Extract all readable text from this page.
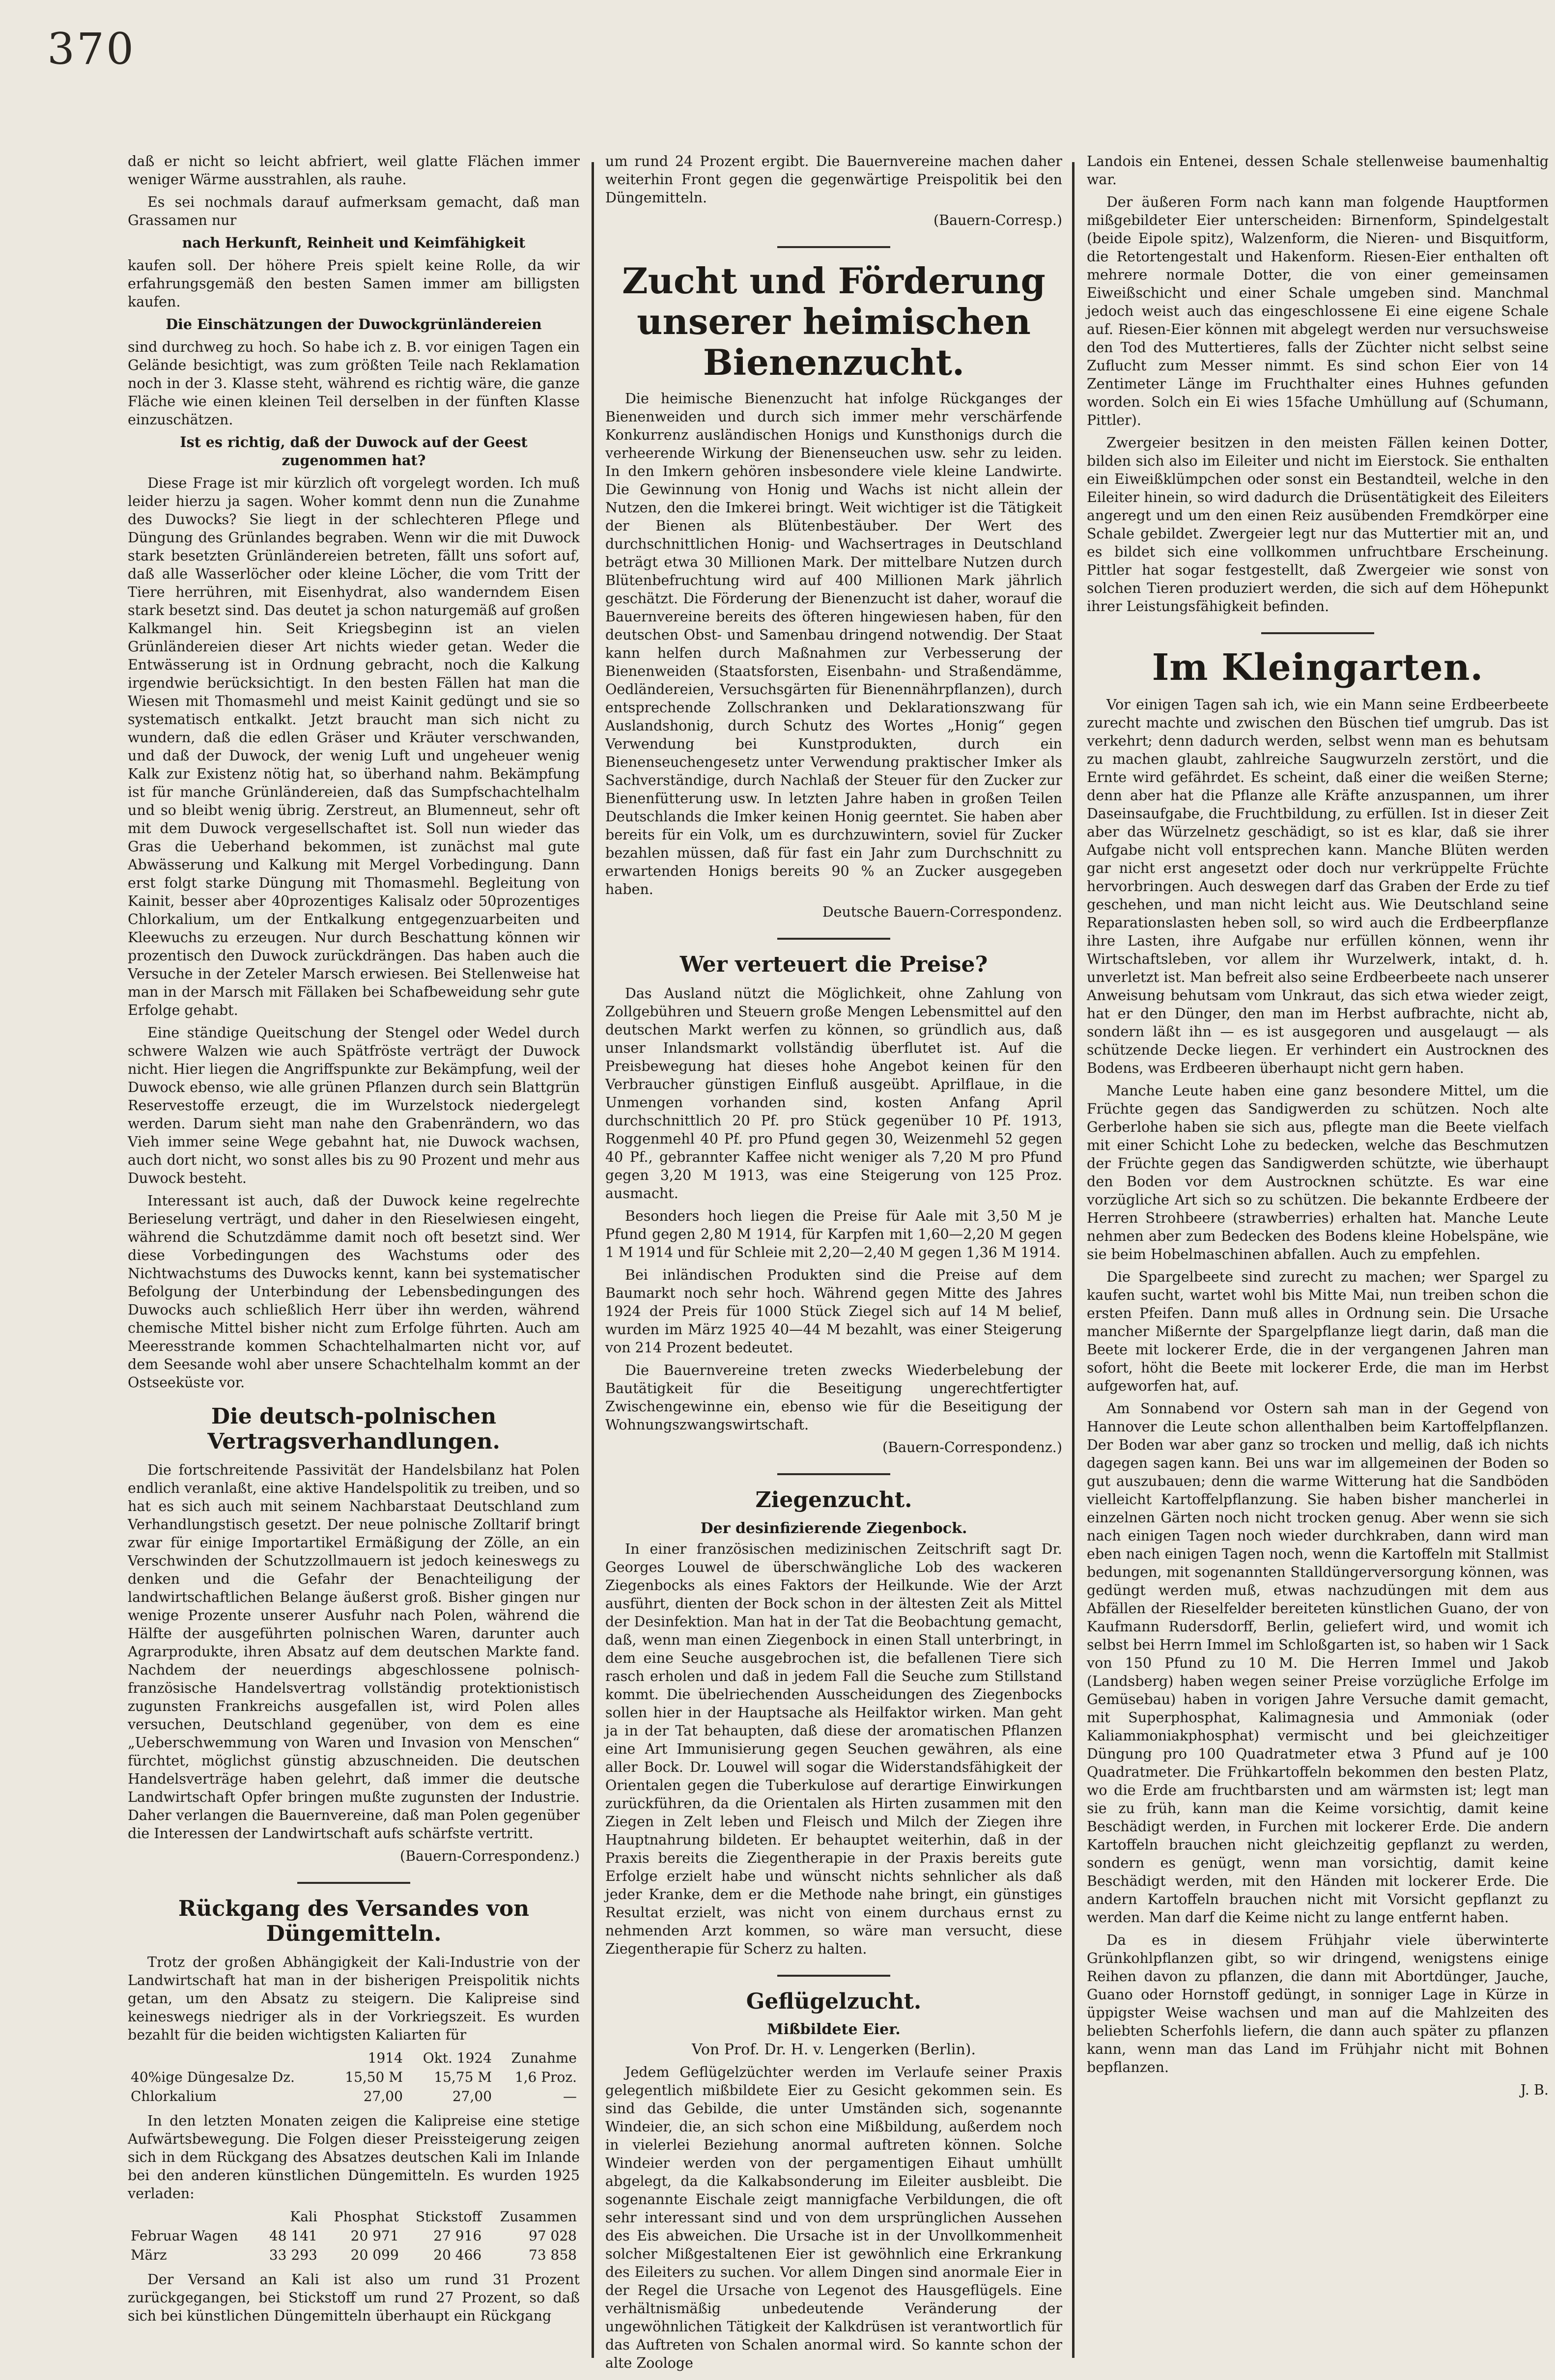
370

daß er nicht so leicht abfriert, weil glatte Flächen immer weniger Wärme ausstrahlen, als rauhe.

Es sei nochmals darauf aufmerksam gemacht, daß man Grassamen nur

nach Herkunft, Reinheit und Keimfähigkeit

kaufen soll. Der höhere Preis spielt keine Rolle, da wir erfahrungsgemäß den besten Samen immer am billigsten kaufen.

Die Einschätzungen der Duwockgrünländereien

sind durchweg zu hoch. So habe ich z. B. vor einigen Tagen ein Gelände besichtigt, was zum größten Teile nach Reklamation noch in der 3. Klasse steht, während es richtig wäre, die ganze Fläche wie einen kleinen Teil derselben in der fünften Klasse einzuschätzen.

Ist es richtig, daß der Duwock auf der Geest zugenommen hat?

Diese Frage ist mir kürzlich oft vorgelegt worden. Ich muß leider hierzu ja sagen. Woher kommt denn nun die Zunahme des Duwocks? Sie liegt in der schlechteren Pflege und Düngung des Grünlandes begraben. Wenn wir die mit Duwock stark besetzten Grünländereien betreten, fällt uns sofort auf, daß alle Wasserlöcher oder kleine Löcher, die vom Tritt der Tiere herrühren, mit Eisenhydrat, also wanderndem Eisen stark besetzt sind. Das deutet ja schon naturgemäß auf großen Kalkmangel hin. Seit Kriegsbeginn ist an vielen Grünländereien dieser Art nichts wieder getan. Weder die Entwässerung ist in Ordnung gebracht, noch die Kalkung irgendwie berücksichtigt. In den besten Fällen hat man die Wiesen mit Thomasmehl und meist Kainit gedüngt und sie so systematisch entkalkt. Jetzt braucht man sich nicht zu wundern, daß die edlen Gräser und Kräuter verschwanden, und daß der Duwock, der wenig Luft und ungeheuer wenig Kalk zur Existenz nötig hat, so überhand nahm. Bekämpfung ist für manche Grünländereien, daß das Sumpfschachtelhalm und so bleibt wenig übrig. Zerstreut, an Blumenneut, sehr oft mit dem Duwock vergesellschaftet ist. Soll nun wieder das Gras die Ueberhand bekommen, ist zunächst mal gute Abwässerung und Kalkung mit Mergel Vorbedingung. Dann erst folgt starke Düngung mit Thomasmehl. Begleitung von Kainit, besser aber 40prozentiges Kalisalz oder 50prozentiges Chlorkalium, um der Entkalkung entgegenzuarbeiten und Kleewuchs zu erzeugen. Nur durch Beschattung können wir prozentisch den Duwock zurückdrängen. Das haben auch die Versuche in der Zeteler Marsch erwiesen. Bei Stellenweise hat man in der Marsch mit Fällaken bei Schafbeweidung sehr gute Erfolge gehabt.

Eine ständige Queitschung der Stengel oder Wedel durch schwere Walzen wie auch Spätfröste verträgt der Duwock nicht. Hier liegen die Angriffspunkte zur Bekämpfung, weil der Duwock ebenso, wie alle grünen Pflanzen durch sein Blattgrün Reservestoffe erzeugt, die im Wurzelstock niedergelegt werden. Darum sieht man nahe den Grabenrändern, wo das Vieh immer seine Wege gebahnt hat, nie Duwock wachsen, auch dort nicht, wo sonst alles bis zu 90 Prozent und mehr aus Duwock besteht.

Interessant ist auch, daß der Duwock keine regelrechte Berieselung verträgt, und daher in den Rieselwiesen eingeht, während die Schutzdämme damit noch oft besetzt sind. Wer diese Vorbedingungen des Wachstums oder des Nichtwachstums des Duwocks kennt, kann bei systematischer Befolgung der Unterbindung der Lebensbedingungen des Duwocks auch schließlich Herr über ihn werden, während chemische Mittel bisher nicht zum Erfolge führten. Auch am Meeresstrande kommen Schachtelhalmarten nicht vor, auf dem Seesande wohl aber unsere Schachtelhalm kommt an der Ostseeküste vor.

Die deutsch-polnischen Vertragsverhandlungen.

Die fortschreitende Passivität der Handelsbilanz hat Polen endlich veranlaßt, eine aktive Handelspolitik zu treiben, und so hat es sich auch mit seinem Nachbarstaat Deutschland zum Verhandlungstisch gesetzt. Der neue polnische Zolltarif bringt zwar für einige Importartikel Ermäßigung der Zölle, an ein Verschwinden der Schutzzollmauern ist jedoch keineswegs zu denken und die Gefahr der Benachteiligung der landwirtschaftlichen Belange äußerst groß. Bisher gingen nur wenige Prozente unserer Ausfuhr nach Polen, während die Hälfte der ausgeführten polnischen Waren, darunter auch Agrarprodukte, ihren Absatz auf dem deutschen Markte fand. Nachdem der neuerdings abgeschlossene polnisch-französische Handelsvertrag vollständig protektionistisch zugunsten Frankreichs ausgefallen ist, wird Polen alles versuchen, Deutschland gegenüber, von dem es eine „Ueberschwemmung von Waren und Invasion von Menschen“ fürchtet, möglichst günstig abzuschneiden. Die deutschen Handelsverträge haben gelehrt, daß immer die deutsche Landwirtschaft Opfer bringen mußte zugunsten der Industrie. Daher verlangen die Bauernvereine, daß man Polen gegenüber die Interessen der Landwirtschaft aufs schärfste vertritt.

(Bauern-Correspondenz.)

Rückgang des Versandes von Düngemitteln.

Trotz der großen Abhängigkeit der Kali-Industrie von der Landwirtschaft hat man in der bisherigen Preispolitik nichts getan, um den Absatz zu steigern. Die Kalipreise sind keineswegs niedriger als in der Vorkriegszeit. Es wurden bezahlt für die beiden wichtigsten Kaliarten für

	1914	Okt. 1924	Zunahme
40%ige Düngesalze Dz.	15,50 M	15,75 M	1,6 Proz.
Chlorkalium	27,00	27,00	—

In den letzten Monaten zeigen die Kalipreise eine stetige Aufwärtsbewegung. Die Folgen dieser Preissteigerung zeigen sich in dem Rückgang des Absatzes deutschen Kali im Inlande bei den anderen künstlichen Düngemitteln. Es wurden 1925 verladen:

	Kali	Phosphat	Stickstoff	Zusammen
Februar Wagen	48 141	20 971	27 916	97 028
März	33 293	20 099	20 466	73 858

Der Versand an Kali ist also um rund 31 Prozent zurückgegangen, bei Stickstoff um rund 27 Prozent, so daß sich bei künstlichen Düngemitteln überhaupt ein Rückgang

um rund 24 Prozent ergibt. Die Bauernvereine machen daher weiterhin Front gegen die gegenwärtige Preispolitik bei den Düngemitteln.

(Bauern-Corresp.)

Zucht und Förderung unserer heimischen Bienenzucht.

Die heimische Bienenzucht hat infolge Rückganges der Bienenweiden und durch sich immer mehr verschärfende Konkurrenz ausländischen Honigs und Kunsthonigs durch die verheerende Wirkung der Bienenseuchen usw. sehr zu leiden. In den Imkern gehören insbesondere viele kleine Landwirte. Die Gewinnung von Honig und Wachs ist nicht allein der Nutzen, den die Imkerei bringt. Weit wichtiger ist die Tätigkeit der Bienen als Blütenbestäuber. Der Wert des durchschnittlichen Honig- und Wachsertrages in Deutschland beträgt etwa 30 Millionen Mark. Der mittelbare Nutzen durch Blütenbefruchtung wird auf 400 Millionen Mark jährlich geschätzt. Die Förderung der Bienenzucht ist daher, worauf die Bauernvereine bereits des öfteren hingewiesen haben, für den deutschen Obst- und Samenbau dringend notwendig. Der Staat kann helfen durch Maßnahmen zur Verbesserung der Bienenweiden (Staatsforsten, Eisenbahn- und Straßendämme, Oedländereien, Versuchsgärten für Bienennährpflanzen), durch entsprechende Zollschranken und Deklarationszwang für Auslandshonig, durch Schutz des Wortes „Honig“ gegen Verwendung bei Kunstprodukten, durch ein Bienenseuchengesetz unter Verwendung praktischer Imker als Sachverständige, durch Nachlaß der Steuer für den Zucker zur Bienenfütterung usw. In letzten Jahre haben in großen Teilen Deutschlands die Imker keinen Honig geerntet. Sie haben aber bereits für ein Volk, um es durchzuwintern, soviel für Zucker bezahlen müssen, daß für fast ein Jahr zum Durchschnitt zu erwartenden Honigs bereits 90 % an Zucker ausgegeben haben.

Deutsche Bauern-Correspondenz.

Wer verteuert die Preise?

Das Ausland nützt die Möglichkeit, ohne Zahlung von Zollgebühren und Steuern große Mengen Lebensmittel auf den deutschen Markt werfen zu können, so gründlich aus, daß unser Inlandsmarkt vollständig überflutet ist. Auf die Preisbewegung hat dieses hohe Angebot keinen für den Verbraucher günstigen Einfluß ausgeübt. Aprilflaue, in die Unmengen vorhanden sind, kosten Anfang April durchschnittlich 20 Pf. pro Stück gegenüber 10 Pf. 1913, Roggenmehl 40 Pf. pro Pfund gegen 30, Weizenmehl 52 gegen 40 Pf., gebrannter Kaffee nicht weniger als 7,20 M pro Pfund gegen 3,20 M 1913, was eine Steigerung von 125 Proz. ausmacht.

Besonders hoch liegen die Preise für Aale mit 3,50 M je Pfund gegen 2,80 M 1914, für Karpfen mit 1,60—2,20 M gegen 1 M 1914 und für Schleie mit 2,20—2,40 M gegen 1,36 M 1914.

Bei inländischen Produkten sind die Preise auf dem Baumarkt noch sehr hoch. Während gegen Mitte des Jahres 1924 der Preis für 1000 Stück Ziegel sich auf 14 M belief, wurden im März 1925 40—44 M bezahlt, was einer Steigerung von 214 Prozent bedeutet.

Die Bauernvereine treten zwecks Wiederbelebung der Bautätigkeit für die Beseitigung ungerechtfertigter Zwischengewinne ein, ebenso wie für die Beseitigung der Wohnungszwangswirtschaft.

(Bauern-Correspondenz.)

Ziegenzucht.
Der desinfizierende Ziegenbock.

In einer französischen medizinischen Zeitschrift sagt Dr. Georges Louwel de überschwängliche Lob des wackeren Ziegenbocks als eines Faktors der Heilkunde. Wie der Arzt ausführt, dienten der Bock schon in der ältesten Zeit als Mittel der Desinfektion. Man hat in der Tat die Beobachtung gemacht, daß, wenn man einen Ziegenbock in einen Stall unterbringt, in dem eine Seuche ausgebrochen ist, die befallenen Tiere sich rasch erholen und daß in jedem Fall die Seuche zum Stillstand kommt. Die übelriechenden Ausscheidungen des Ziegenbocks sollen hier in der Hauptsache als Heilfaktor wirken. Man geht ja in der Tat behaupten, daß diese der aromatischen Pflanzen eine Art Immunisierung gegen Seuchen gewähren, als eine aller Bock. Dr. Louwel will sogar die Widerstandsfähigkeit der Orientalen gegen die Tuberkulose auf derartige Einwirkungen zurückführen, da die Orientalen als Hirten zusammen mit den Ziegen in Zelt leben und Fleisch und Milch der Ziegen ihre Hauptnahrung bildeten. Er behauptet weiterhin, daß in der Praxis bereits die Ziegentherapie in der Praxis bereits gute Erfolge erzielt habe und wünscht nichts sehnlicher als daß jeder Kranke, dem er die Methode nahe bringt, ein günstiges Resultat erzielt, was nicht von einem durchaus ernst zu nehmenden Arzt kommen, so wäre man versucht, diese Ziegentherapie für Scherz zu halten.

Geflügelzucht.
Mißbildete Eier.
Von Prof. Dr. H. v. Lengerken (Berlin).

Jedem Geflügelzüchter werden im Verlaufe seiner Praxis gelegentlich mißbildete Eier zu Gesicht gekommen sein. Es sind das Gebilde, die unter Umständen sich, sogenannte Windeier, die, an sich schon eine Mißbildung, außerdem noch in vielerlei Beziehung anormal auftreten können. Solche Windeier werden von der pergamentigen Eihaut umhüllt abgelegt, da die Kalkabsonderung im Eileiter ausbleibt. Die sogenannte Eischale zeigt mannigfache Verbildungen, die oft sehr interessant sind und von dem ursprünglichen Aussehen des Eis abweichen. Die Ursache ist in der Unvollkommenheit solcher Mißgestaltenen Eier ist gewöhnlich eine Erkrankung des Eileiters zu suchen. Vor allem Dingen sind anormale Eier in der Regel die Ursache von Legenot des Hausgeflügels. Eine verhältnismäßig unbedeutende Veränderung der ungewöhnlichen Tätigkeit der Kalkdrüsen ist verantwortlich für das Auftreten von Schalen anormal wird. So kannte schon der alte Zoologe

Landois ein Entenei, dessen Schale stellenweise baumenhaltig war.

Der äußeren Form nach kann man folgende Hauptformen mißgebildeter Eier unterscheiden: Birnenform, Spindelgestalt (beide Eipole spitz), Walzenform, die Nieren- und Bisquitform, die Retortengestalt und Hakenform. Riesen-Eier enthalten oft mehrere normale Dotter, die von einer gemeinsamen Eiweißschicht und einer Schale umgeben sind. Manchmal jedoch weist auch das eingeschlossene Ei eine eigene Schale auf. Riesen-Eier können mit abgelegt werden nur versuchsweise den Tod des Muttertieres, falls der Züchter nicht selbst seine Zuflucht zum Messer nimmt. Es sind schon Eier von 14 Zentimeter Länge im Fruchthalter eines Huhnes gefunden worden. Solch ein Ei wies 15fache Umhüllung auf (Schumann, Pittler).

Zwergeier besitzen in den meisten Fällen keinen Dotter, bilden sich also im Eileiter und nicht im Eierstock. Sie enthalten ein Eiweißklümpchen oder sonst ein Bestandteil, welche in den Eileiter hinein, so wird dadurch die Drüsentätigkeit des Eileiters angeregt und um den einen Reiz ausübenden Fremdkörper eine Schale gebildet. Zwergeier legt nur das Muttertier mit an, und es bildet sich eine vollkommen unfruchtbare Erscheinung. Pittler hat sogar festgestellt, daß Zwergeier wie sonst von solchen Tieren produziert werden, die sich auf dem Höhepunkt ihrer Leistungsfähigkeit befinden.

Im Kleingarten.

Vor einigen Tagen sah ich, wie ein Mann seine Erdbeerbeete zurecht machte und zwischen den Büschen tief umgrub. Das ist verkehrt; denn dadurch werden, selbst wenn man es behutsam zu machen glaubt, zahlreiche Saugwurzeln zerstört, und die Ernte wird gefährdet. Es scheint, daß einer die weißen Sterne; denn aber hat die Pflanze alle Kräfte anzuspannen, um ihrer Daseinsaufgabe, die Fruchtbildung, zu erfüllen. Ist in dieser Zeit aber das Würzelnetz geschädigt, so ist es klar, daß sie ihrer Aufgabe nicht voll entsprechen kann. Manche Blüten werden gar nicht erst angesetzt oder doch nur verkrüppelte Früchte hervorbringen. Auch deswegen darf das Graben der Erde zu tief geschehen, und man nicht leicht aus. Wie Deutschland seine Reparationslasten heben soll, so wird auch die Erdbeerpflanze ihre Lasten, ihre Aufgabe nur erfüllen können, wenn ihr Wirtschaftsleben, vor allem ihr Wurzelwerk, intakt, d. h. unverletzt ist. Man befreit also seine Erdbeerbeete nach unserer Anweisung behutsam vom Unkraut, das sich etwa wieder zeigt, hat er den Dünger, den man im Herbst aufbrachte, nicht ab, sondern läßt ihn — es ist ausgegoren und ausgelaugt — als schützende Decke liegen. Er verhindert ein Austrocknen des Bodens, was Erdbeeren überhaupt nicht gern haben.

Manche Leute haben eine ganz besondere Mittel, um die Früchte gegen das Sandigwerden zu schützen. Noch alte Gerberlohe haben sie sich aus, pflegte man die Beete vielfach mit einer Schicht Lohe zu bedecken, welche das Beschmutzen der Früchte gegen das Sandigwerden schützte, wie überhaupt den Boden vor dem Austrocknen schützte. Es war eine vorzügliche Art sich so zu schützen. Die bekannte Erdbeere der Herren Strohbeere (strawberries) erhalten hat. Manche Leute nehmen aber zum Bedecken des Bodens kleine Hobelspäne, wie sie beim Hobelmaschinen abfallen. Auch zu empfehlen.

Die Spargelbeete sind zurecht zu machen; wer Spargel zu kaufen sucht, wartet wohl bis Mitte Mai, nun treiben schon die ersten Pfeifen. Dann muß alles in Ordnung sein. Die Ursache mancher Mißernte der Spargelpflanze liegt darin, daß man die Beete mit lockerer Erde, die in der vergangenen Jahren man sofort, höht die Beete mit lockerer Erde, die man im Herbst aufgeworfen hat, auf.

Am Sonnabend vor Ostern sah man in der Gegend von Hannover die Leute schon allenthalben beim Kartoffelpflanzen. Der Boden war aber ganz so trocken und mellig, daß ich nichts dagegen sagen kann. Bei uns war im allgemeinen der Boden so gut auszubauen; denn die warme Witterung hat die Sandböden vielleicht Kartoffelpflanzung. Sie haben bisher mancherlei in einzelnen Gärten noch nicht trocken genug. Aber wenn sie sich nach einigen Tagen noch wieder durchkraben, dann wird man eben nach einigen Tagen noch, wenn die Kartoffeln mit Stallmist bedungen, mit sogenannten Stalldüngerversorgung können, was gedüngt werden muß, etwas nachzudüngen mit dem aus Abfällen der Rieselfelder bereiteten künstlichen Guano, der von Kaufmann Rudersdorff, Berlin, geliefert wird, und womit ich selbst bei Herrn Immel im Schloßgarten ist, so haben wir 1 Sack von 150 Pfund zu 10 M. Die Herren Immel und Jakob (Landsberg) haben wegen seiner Preise vorzügliche Erfolge im Gemüsebau) haben in vorigen Jahre Versuche damit gemacht, mit Superphosphat, Kalimagnesia und Ammoniak (oder Kaliammoniakphosphat) vermischt und bei gleichzeitiger Düngung pro 100 Quadratmeter etwa 3 Pfund auf je 100 Quadratmeter. Die Frühkartoffeln bekommen den besten Platz, wo die Erde am fruchtbarsten und am wärmsten ist; legt man sie zu früh, kann man die Keime vorsichtig, damit keine Beschädigt werden, in Furchen mit lockerer Erde. Die andern Kartoffeln brauchen nicht gleichzeitig gepflanzt zu werden, sondern es genügt, wenn man vorsichtig, damit keine Beschädigt werden, mit den Händen mit lockerer Erde. Die andern Kartoffeln brauchen nicht mit Vorsicht gepflanzt zu werden. Man darf die Keime nicht zu lange entfernt haben.

Da es in diesem Frühjahr viele überwinterte Grünkohlpflanzen gibt, so wir dringend, wenigstens einige Reihen davon zu pflanzen, die dann mit Abortdünger, Jauche, Guano oder Hornstoff gedüngt, in sonniger Lage in Kürze in üppigster Weise wachsen und man auf die Mahlzeiten des beliebten Scherfohls liefern, die dann auch später zu pflanzen kann, wenn man das Land im Frühjahr nicht mit Bohnen bepflanzen.

J. B.
